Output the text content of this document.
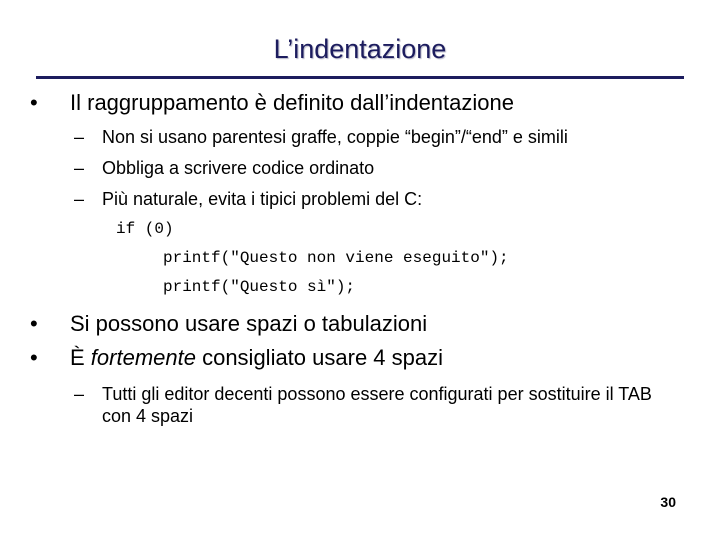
L’indentazione
• Il raggruppamento è definito dall’indentazione
– Non si usano parentesi graffe, coppie “begin”/“end” e simili
– Obbliga a scrivere codice ordinato
– Più naturale, evita i tipici problemi del C:
if (0)
printf("Questo non viene eseguito");
printf("Questo sì");
• Si possono usare spazi o tabulazioni
• È fortemente consigliato usare 4 spazi
– Tutti gli editor decenti possono essere configurati per sostituire il TAB con 4 spazi
30
